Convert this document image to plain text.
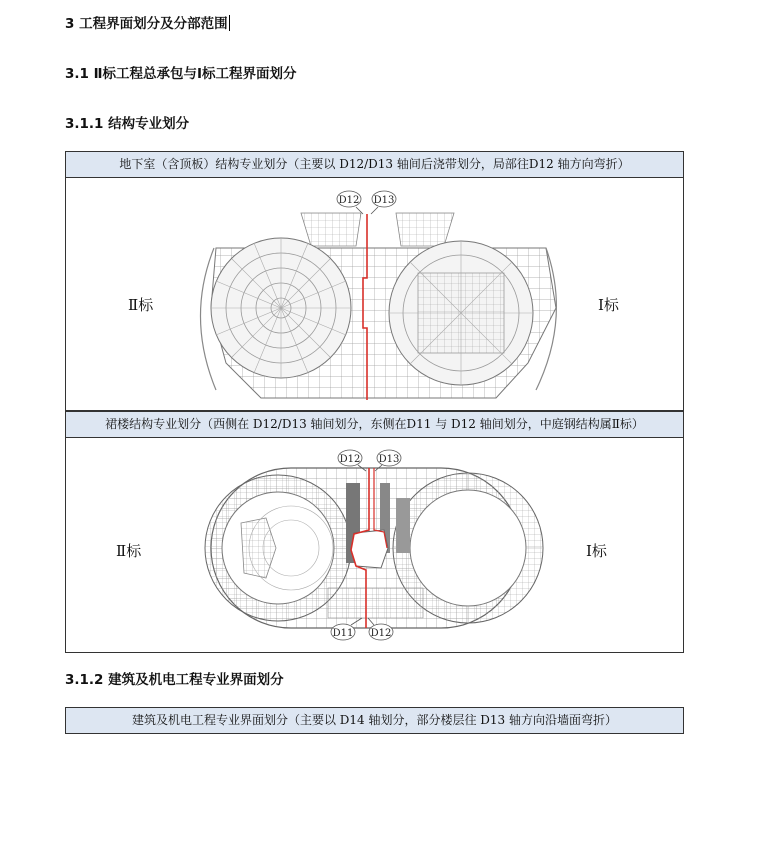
3 工程界面划分及分部范围
3.1 Ⅱ标工程总承包与Ⅰ标工程界面划分
3.1.1 结构专业划分
地下室（含顶板）结构专业划分（主要以 D12/D13 轴间后浇带划分，局部往D12 轴方向弯折）
Ⅱ标	Ⅰ标
D12 D13
裙楼结构专业划分（西侧在 D12/D13 轴间划分，东侧在D11 与 D12 轴间划分，中庭钢结构属Ⅱ标）
Ⅱ标	Ⅰ标
D12 D13
D11 D12
3.1.2 建筑及机电工程专业界面划分
建筑及机电工程专业界面划分（主要以 D14 轴划分，部分楼层往 D13 轴方向沿墙面弯折）
